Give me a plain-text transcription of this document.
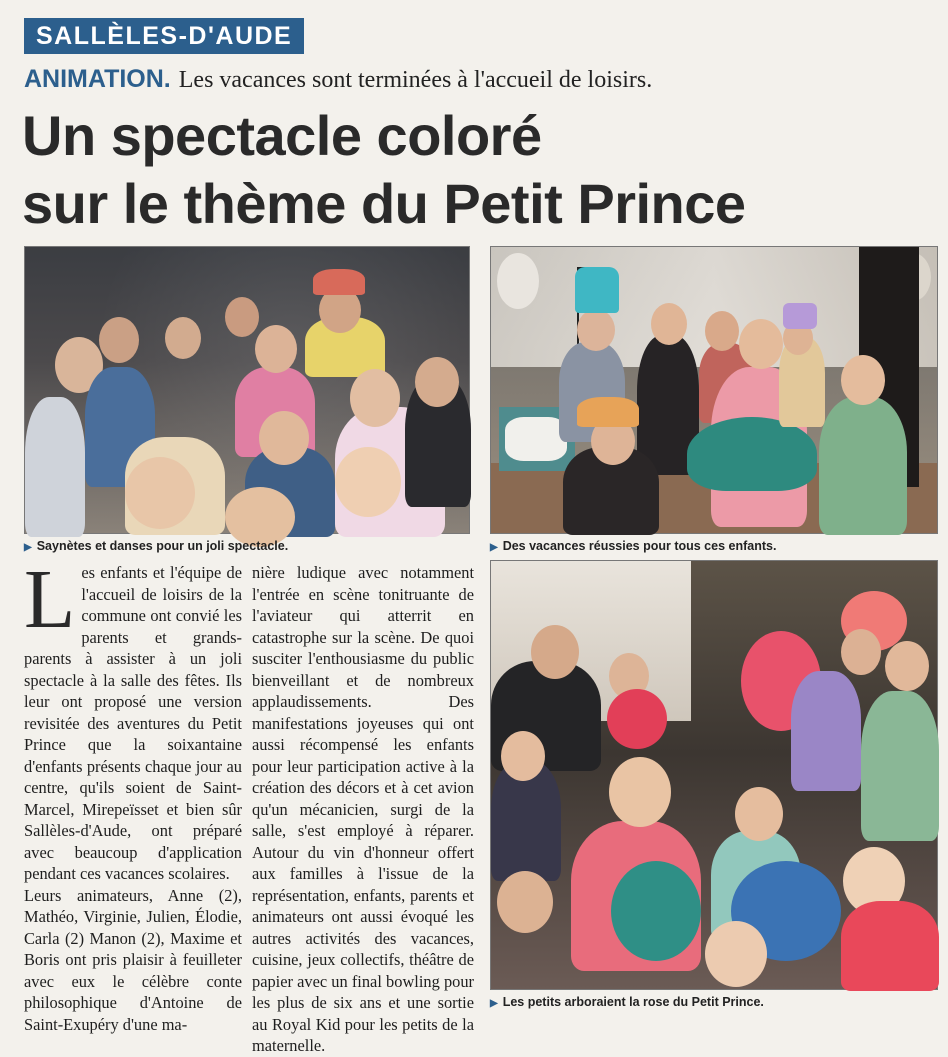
SALLÈLES-D'AUDE
ANIMATION. Les vacances sont terminées à l'accueil de loisirs.
Un spectacle coloré
sur le thème du Petit Prince
▶ Saynètes et danses pour un joli spectacle.	▶ Des vacances réussies pour tous ces enfants.
▶ Les petits arboraient la rose du Petit Prince.

Les enfants et l'équipe de l'accueil de loisirs de la commune ont convié les parents et grands-parents à assister à un joli spectacle à la salle des fêtes. Ils leur ont proposé une version revisitée des aventures du Petit Prince que la soixantaine d'enfants présents chaque jour au centre, qu'ils soient de Saint-Marcel, Mirepeïsset et bien sûr Sallèles-d'Aude, ont préparé avec beaucoup d'application pendant ces vacances scolaires.

Leurs animateurs, Anne (2), Mathéo, Virginie, Julien, Élodie, Carla (2) Manon (2), Maxime et Boris ont pris plaisir à feuilleter avec eux le célèbre conte philosophique d'Antoine de Saint-Exupéry d'une ma-

nière ludique avec notamment l'entrée en scène tonitruante de l'aviateur qui atterrit en catastrophe sur la scène. De quoi susciter l'enthousiasme du public bienveillant et de nombreux applaudissements. Des manifestations joyeuses qui ont aussi récompensé les enfants pour leur participation active à la création des décors et à cet avion qu'un mécanicien, surgi de la salle, s'est employé à réparer. Autour du vin d'honneur offert aux familles à l'issue de la représentation, enfants, parents et animateurs ont aussi évoqué les autres activités des vacances, cuisine, jeux collectifs, théâtre de papier avec un final bowling pour les plus de six ans et une sortie au Royal Kid pour les petits de la maternelle.
